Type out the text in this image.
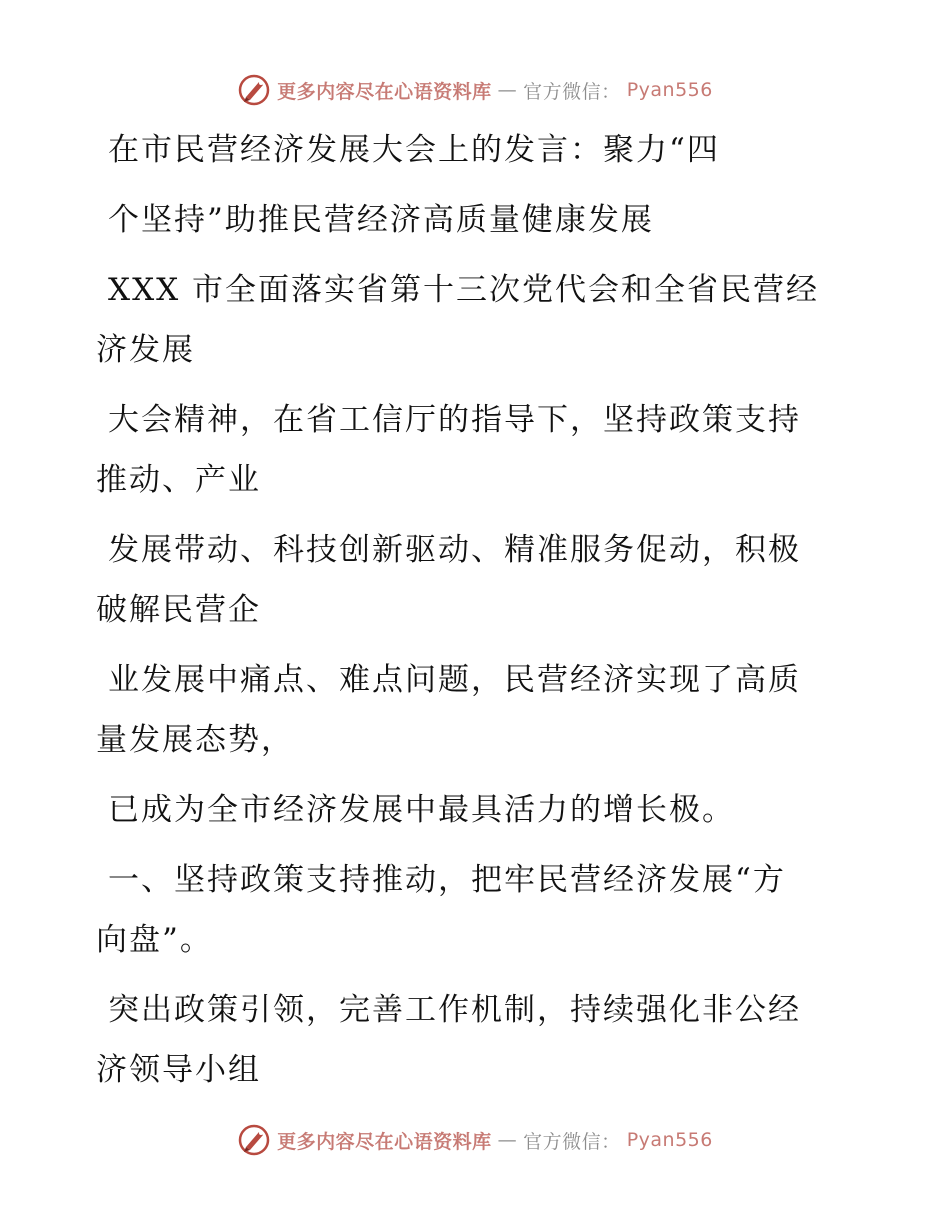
更多内容尽在心语资料库 — 官方微信： Pyan556
在市民营经济发展大会上的发言：聚力“四
个坚持”助推民营经济高质量健康发展
XXX 市全面落实省第十三次党代会和全省民营经
济发展
大会精神，在省工信厅的指导下，坚持政策支持
推动、产业
发展带动、科技创新驱动、精准服务促动，积极
破解民营企
业发展中痛点、难点问题，民营经济实现了高质
量发展态势，
已成为全市经济发展中最具活力的增长极。
一、坚持政策支持推动，把牢民营经济发展“方
向盘”。
突出政策引领，完善工作机制，持续强化非公经
济领导小组
更多内容尽在心语资料库 — 官方微信： Pyan556
